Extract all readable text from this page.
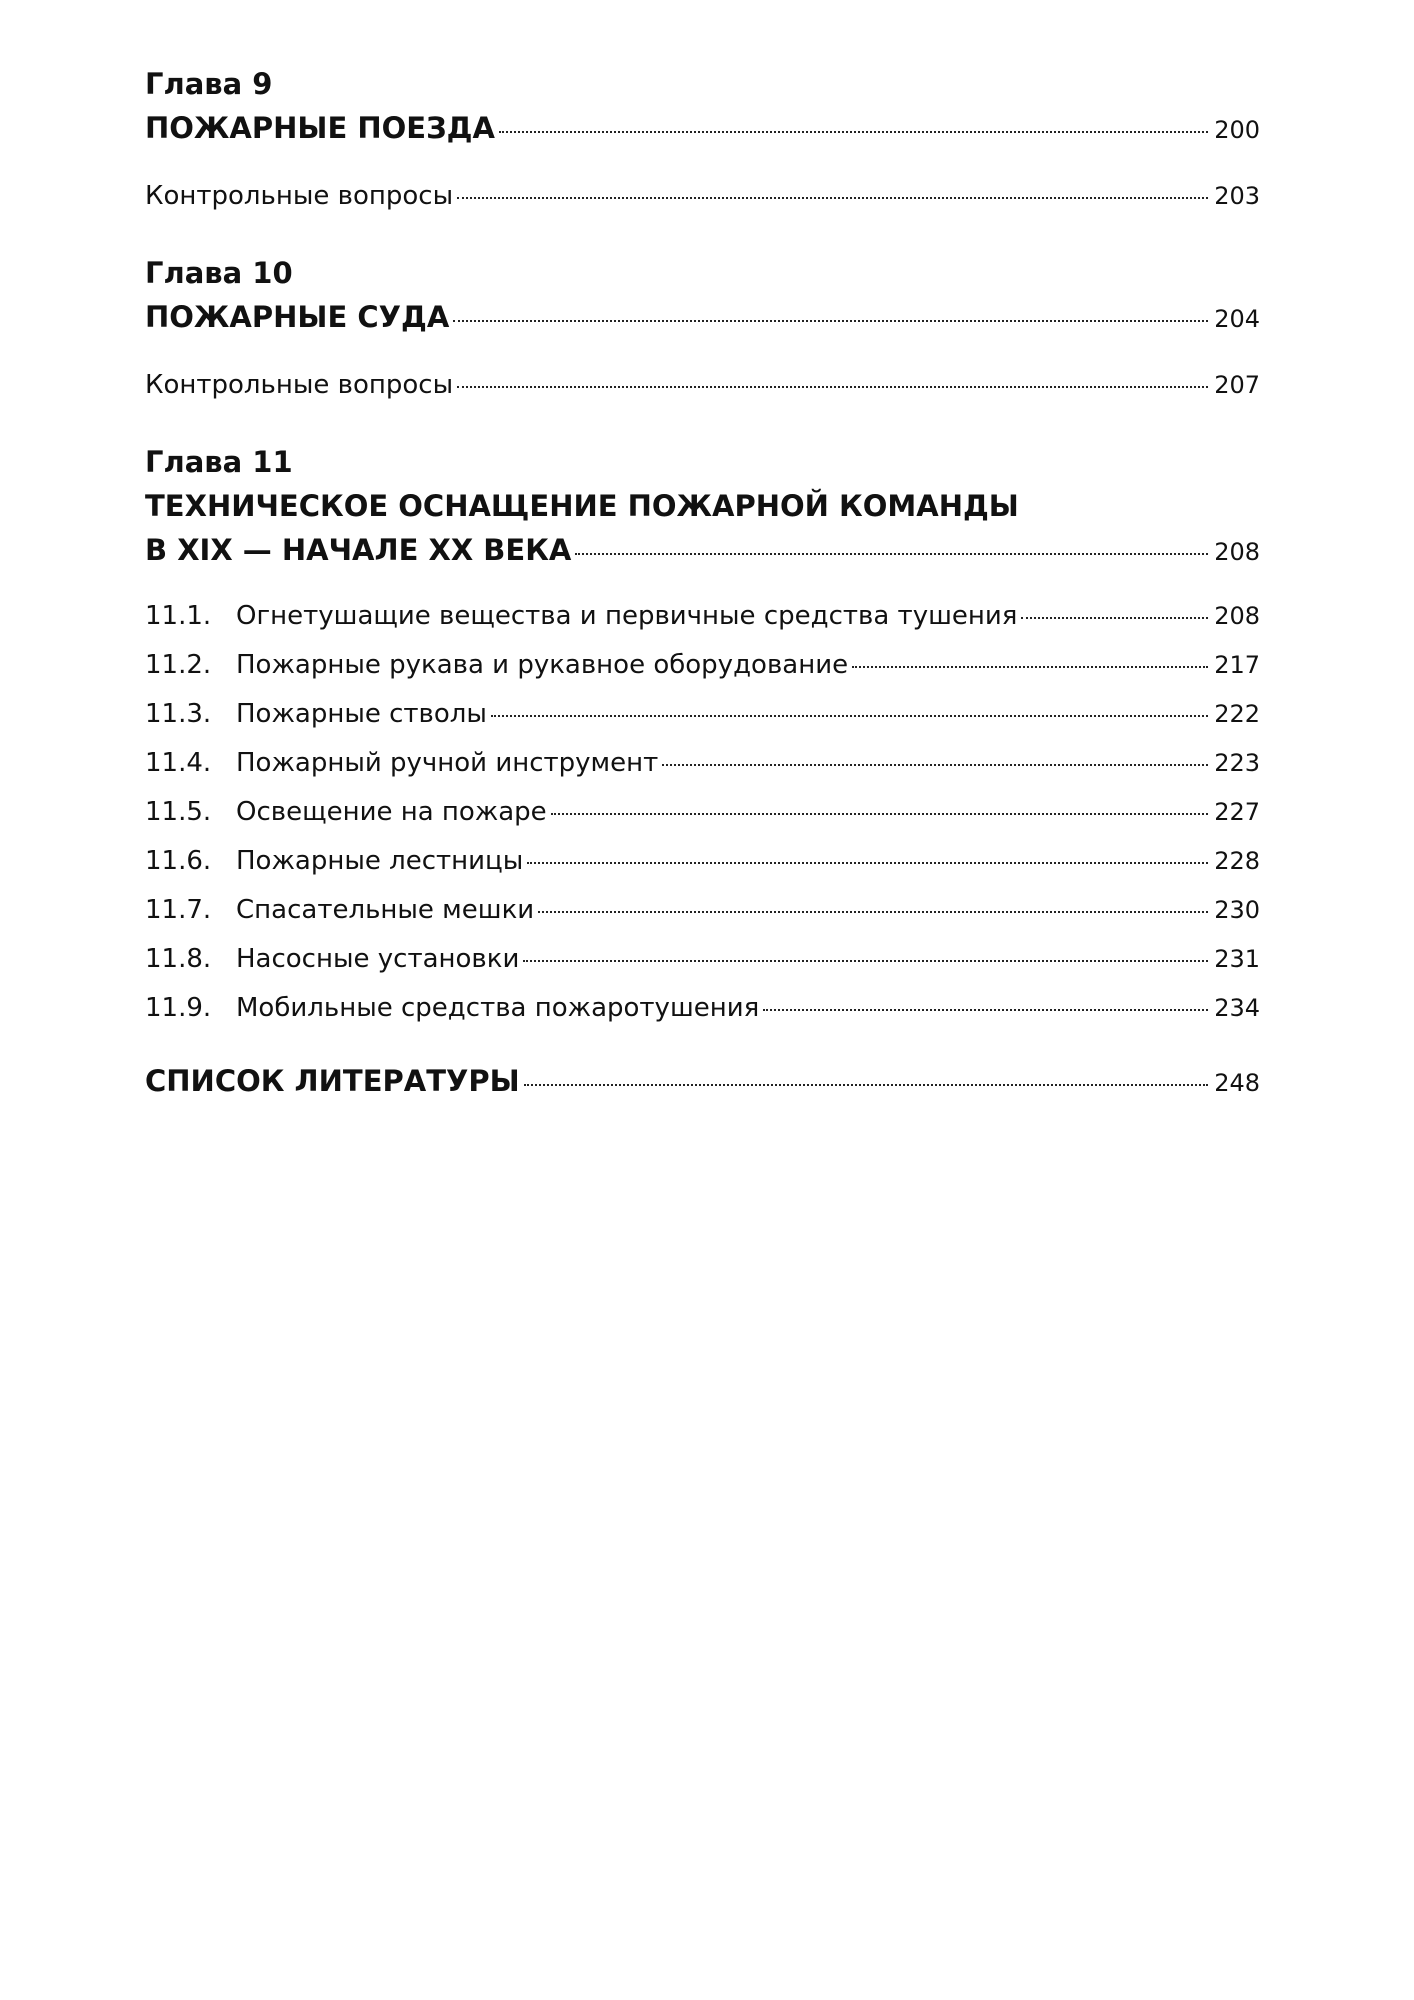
Глава 9
ПОЖАРНЫЕ ПОЕЗДА	200
Контрольные вопросы	203
Глава 10
ПОЖАРНЫЕ СУДА	204
Контрольные вопросы	207
Глава 11
ТЕХНИЧЕСКОЕ ОСНАЩЕНИЕ ПОЖАРНОЙ КОМАНДЫ
В XIX — НАЧАЛЕ XX ВЕКА	208
11.1. Огнетушащие вещества и первичные средства тушения	208
11.2. Пожарные рукава и рукавное оборудование	217
11.3. Пожарные стволы	222
11.4. Пожарный ручной инструмент	223
11.5. Освещение на пожаре	227
11.6. Пожарные лестницы	228
11.7. Спасательные мешки	230
11.8. Насосные установки	231
11.9. Мобильные средства пожаротушения	234
СПИСОК ЛИТЕРАТУРЫ	248
